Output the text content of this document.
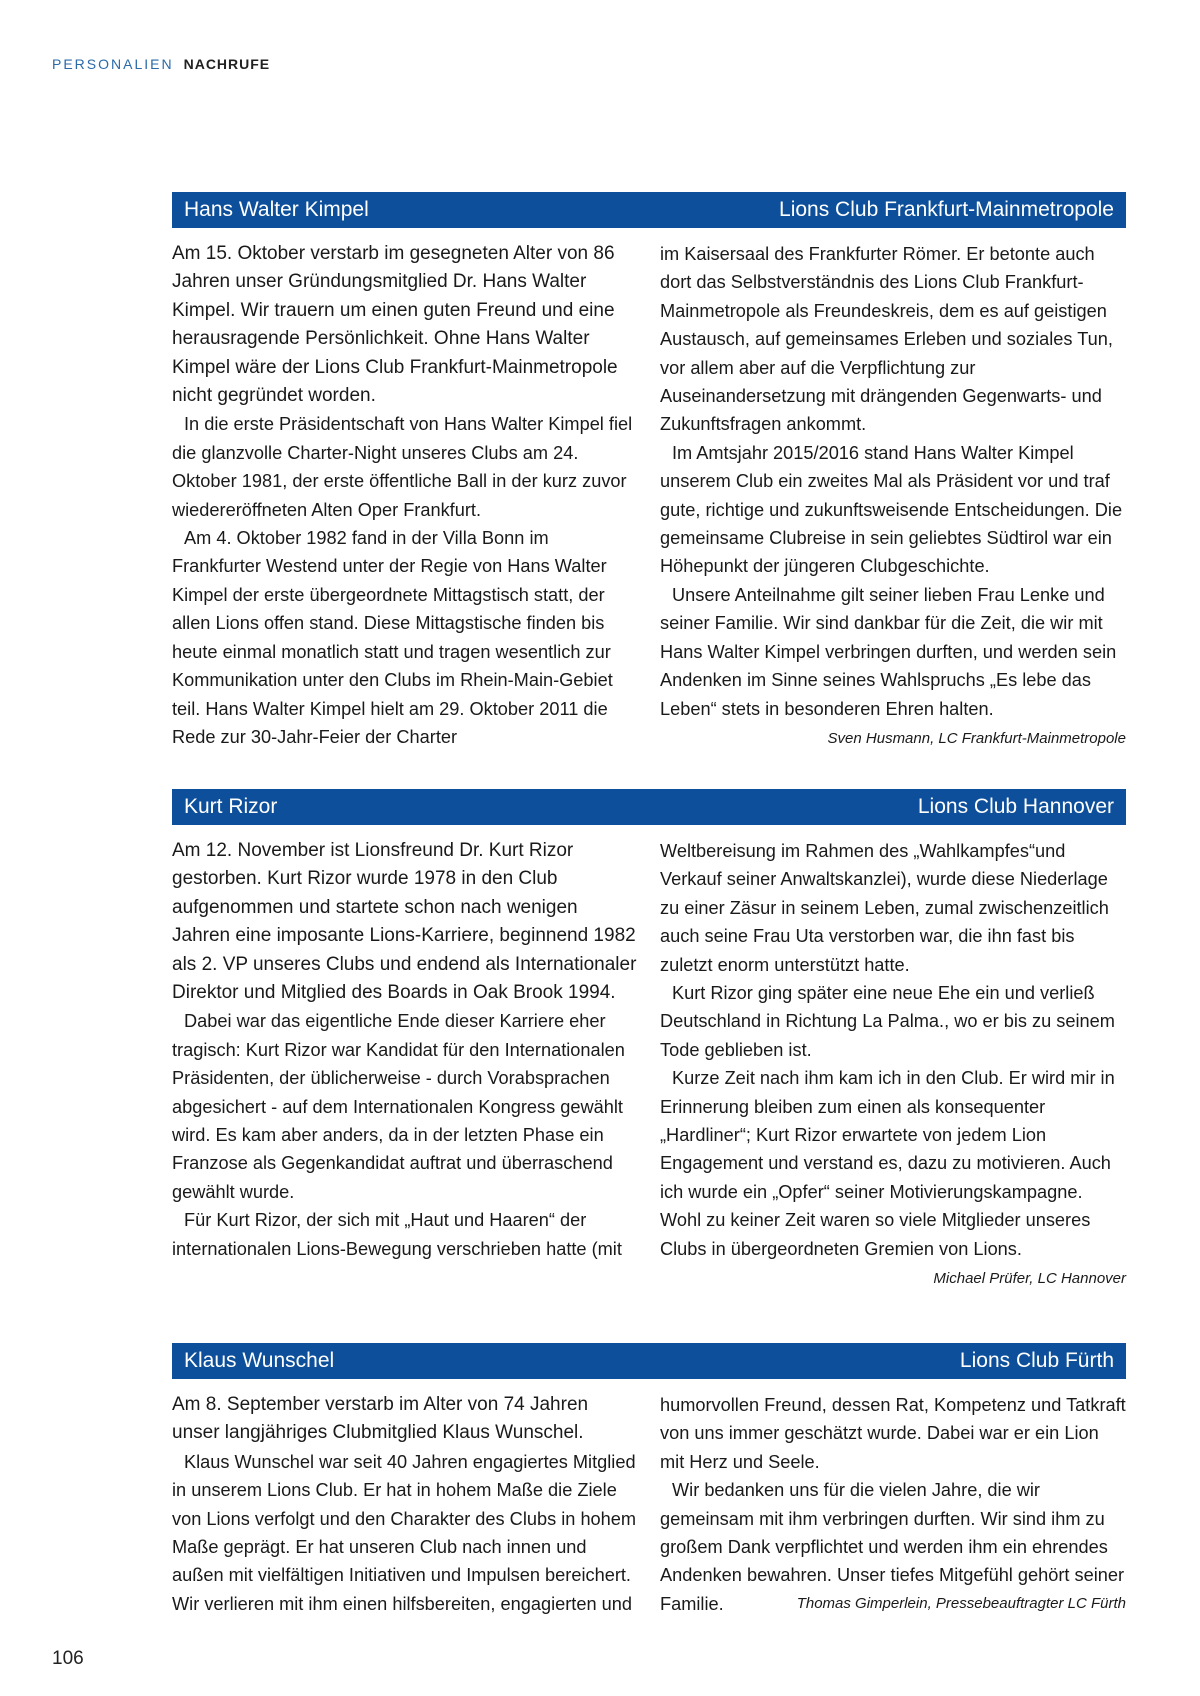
PERSONALIEN NACHRUFE
Hans Walter Kimpel	Lions Club Frankfurt-Mainmetropole

Am 15. Oktober verstarb im gesegneten Alter von 86 Jahren unser Gründungsmitglied Dr. Hans Walter Kimpel. Wir trauern um einen guten Freund und eine herausragende Persönlichkeit. Ohne Hans Walter Kimpel wäre der Lions Club Frankfurt-Mainmetropole nicht gegründet worden.

In die erste Präsidentschaft von Hans Walter Kimpel fiel die glanzvolle Charter-Night unseres Clubs am 24. Oktober 1981, der erste öffentliche Ball in der kurz zuvor wiedereröffneten Alten Oper Frankfurt.

Am 4. Oktober 1982 fand in der Villa Bonn im Frankfurter Westend unter der Regie von Hans Walter Kimpel der erste übergeordnete Mittagstisch statt, der allen Lions offen stand. Diese Mittagstische finden bis heute einmal monatlich statt und tragen wesentlich zur Kommunikation unter den Clubs im Rhein-Main-Gebiet teil. Hans Walter Kimpel hielt am 29. Oktober 2011 die Rede zur 30-Jahr-Feier der Charter

im Kaisersaal des Frankfurter Römer. Er betonte auch dort das Selbstverständnis des Lions Club Frankfurt-Mainmetropole als Freundeskreis, dem es auf geistigen Austausch, auf gemeinsames Erleben und soziales Tun, vor allem aber auf die Verpflichtung zur Auseinandersetzung mit drängenden Gegenwarts- und Zukunftsfragen ankommt.

Im Amtsjahr 2015/2016 stand Hans Walter Kimpel unserem Club ein zweites Mal als Präsident vor und traf gute, richtige und zukunftsweisende Entscheidungen. Die gemeinsame Clubreise in sein geliebtes Südtirol war ein Höhepunkt der jüngeren Clubgeschichte.

Unsere Anteilnahme gilt seiner lieben Frau Lenke und seiner Familie. Wir sind dankbar für die Zeit, die wir mit Hans Walter Kimpel verbringen durften, und werden sein Andenken im Sinne seines Wahlspruchs „Es lebe das Leben“ stets in besonderen Ehren halten.

Sven Husmann, LC Frankfurt-Mainmetropole

Kurt Rizor	Lions Club Hannover

Am 12. November ist Lionsfreund Dr. Kurt Rizor gestorben. Kurt Rizor wurde 1978 in den Club aufgenommen und startete schon nach wenigen Jahren eine imposante Lions-Karriere, beginnend 1982 als 2. VP unseres Clubs und endend als Internationaler Direktor und Mitglied des Boards in Oak Brook 1994.

Dabei war das eigentliche Ende dieser Karriere eher tragisch: Kurt Rizor war Kandidat für den Internationalen Präsidenten, der üblicherweise - durch Vorabsprachen abgesichert - auf dem Internationalen Kongress gewählt wird. Es kam aber anders, da in der letzten Phase ein Franzose als Gegenkandidat auftrat und überraschend gewählt wurde.

Für Kurt Rizor, der sich mit „Haut und Haaren“ der internationalen Lions-Bewegung verschrieben hatte (mit

Weltbereisung im Rahmen des „Wahlkampfes“und Verkauf seiner Anwaltskanzlei), wurde diese Niederlage zu einer Zäsur in seinem Leben, zumal zwischenzeitlich auch seine Frau Uta verstorben war, die ihn fast bis zuletzt enorm unterstützt hatte.

Kurt Rizor ging später eine neue Ehe ein und verließ Deutschland in Richtung La Palma., wo er bis zu seinem Tode geblieben ist.

Kurze Zeit nach ihm kam ich in den Club. Er wird mir in Erinnerung bleiben zum einen als konsequenter „Hardliner“; Kurt Rizor erwartete von jedem Lion Engagement und verstand es, dazu zu motivieren. Auch ich wurde ein „Opfer“ seiner Motivierungskampagne. Wohl zu keiner Zeit waren so viele Mitglieder unseres Clubs in übergeordneten Gremien von Lions.

Michael Prüfer, LC Hannover

Klaus Wunschel	Lions Club Fürth

Am 8. September verstarb im Alter von 74 Jahren unser langjähriges Clubmitglied Klaus Wunschel.

Klaus Wunschel war seit 40 Jahren engagiertes Mitglied in unserem Lions Club. Er hat in hohem Maße die Ziele von Lions verfolgt und den Charakter des Clubs in hohem Maße geprägt. Er hat unseren Club nach innen und außen mit vielfältigen Initiativen und Impulsen bereichert. Wir verlieren mit ihm einen hilfsbereiten, engagierten und

humorvollen Freund, dessen Rat, Kompetenz und Tatkraft von uns immer geschätzt wurde. Dabei war er ein Lion mit Herz und Seele.

Wir bedanken uns für die vielen Jahre, die wir gemeinsam mit ihm verbringen durften. Wir sind ihm zu großem Dank verpflichtet und werden ihm ein ehrendes Andenken bewahren. Unser tiefes Mitgefühl gehört seiner Familie.	Thomas Gimperlein, Pressebeauftragter LC Fürth

106
